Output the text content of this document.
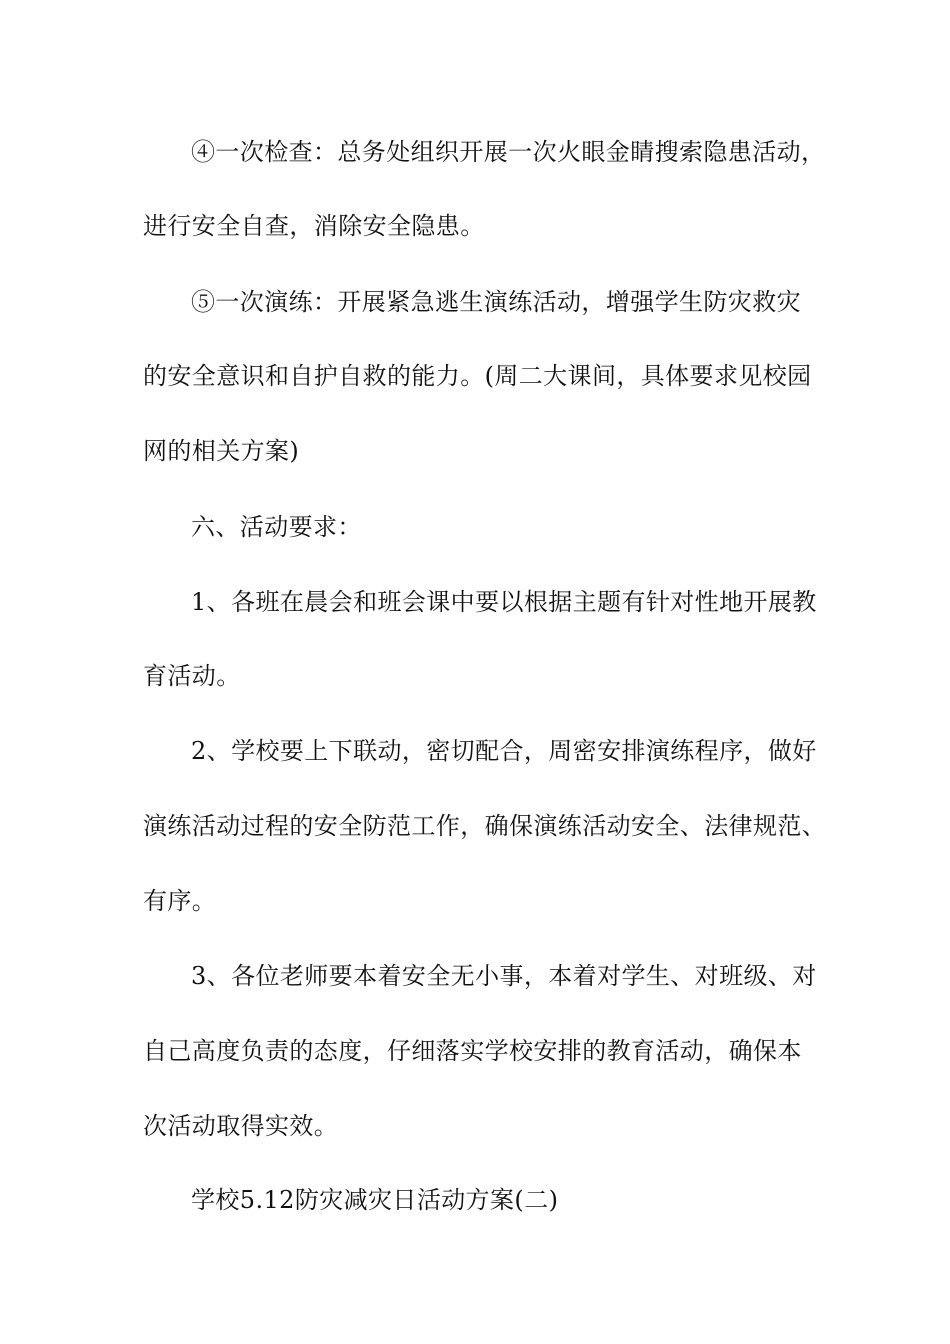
④一次检查：总务处组织开展一次火眼金睛搜索隐患活动，
进行安全自查，消除安全隐患。
⑤一次演练：开展紧急逃生演练活动，增强学生防灾救灾
的安全意识和自护自救的能力。(周二大课间，具体要求见校园
网的相关方案)
六、活动要求：
1、各班在晨会和班会课中要以根据主题有针对性地开展教
育活动。
2、学校要上下联动，密切配合，周密安排演练程序，做好
演练活动过程的安全防范工作，确保演练活动安全、法律规范、
有序。
3、各位老师要本着安全无小事，本着对学生、对班级、对
自己高度负责的态度，仔细落实学校安排的教育活动，确保本
次活动取得实效。
学校5.12防灾减灾日活动方案(二)
